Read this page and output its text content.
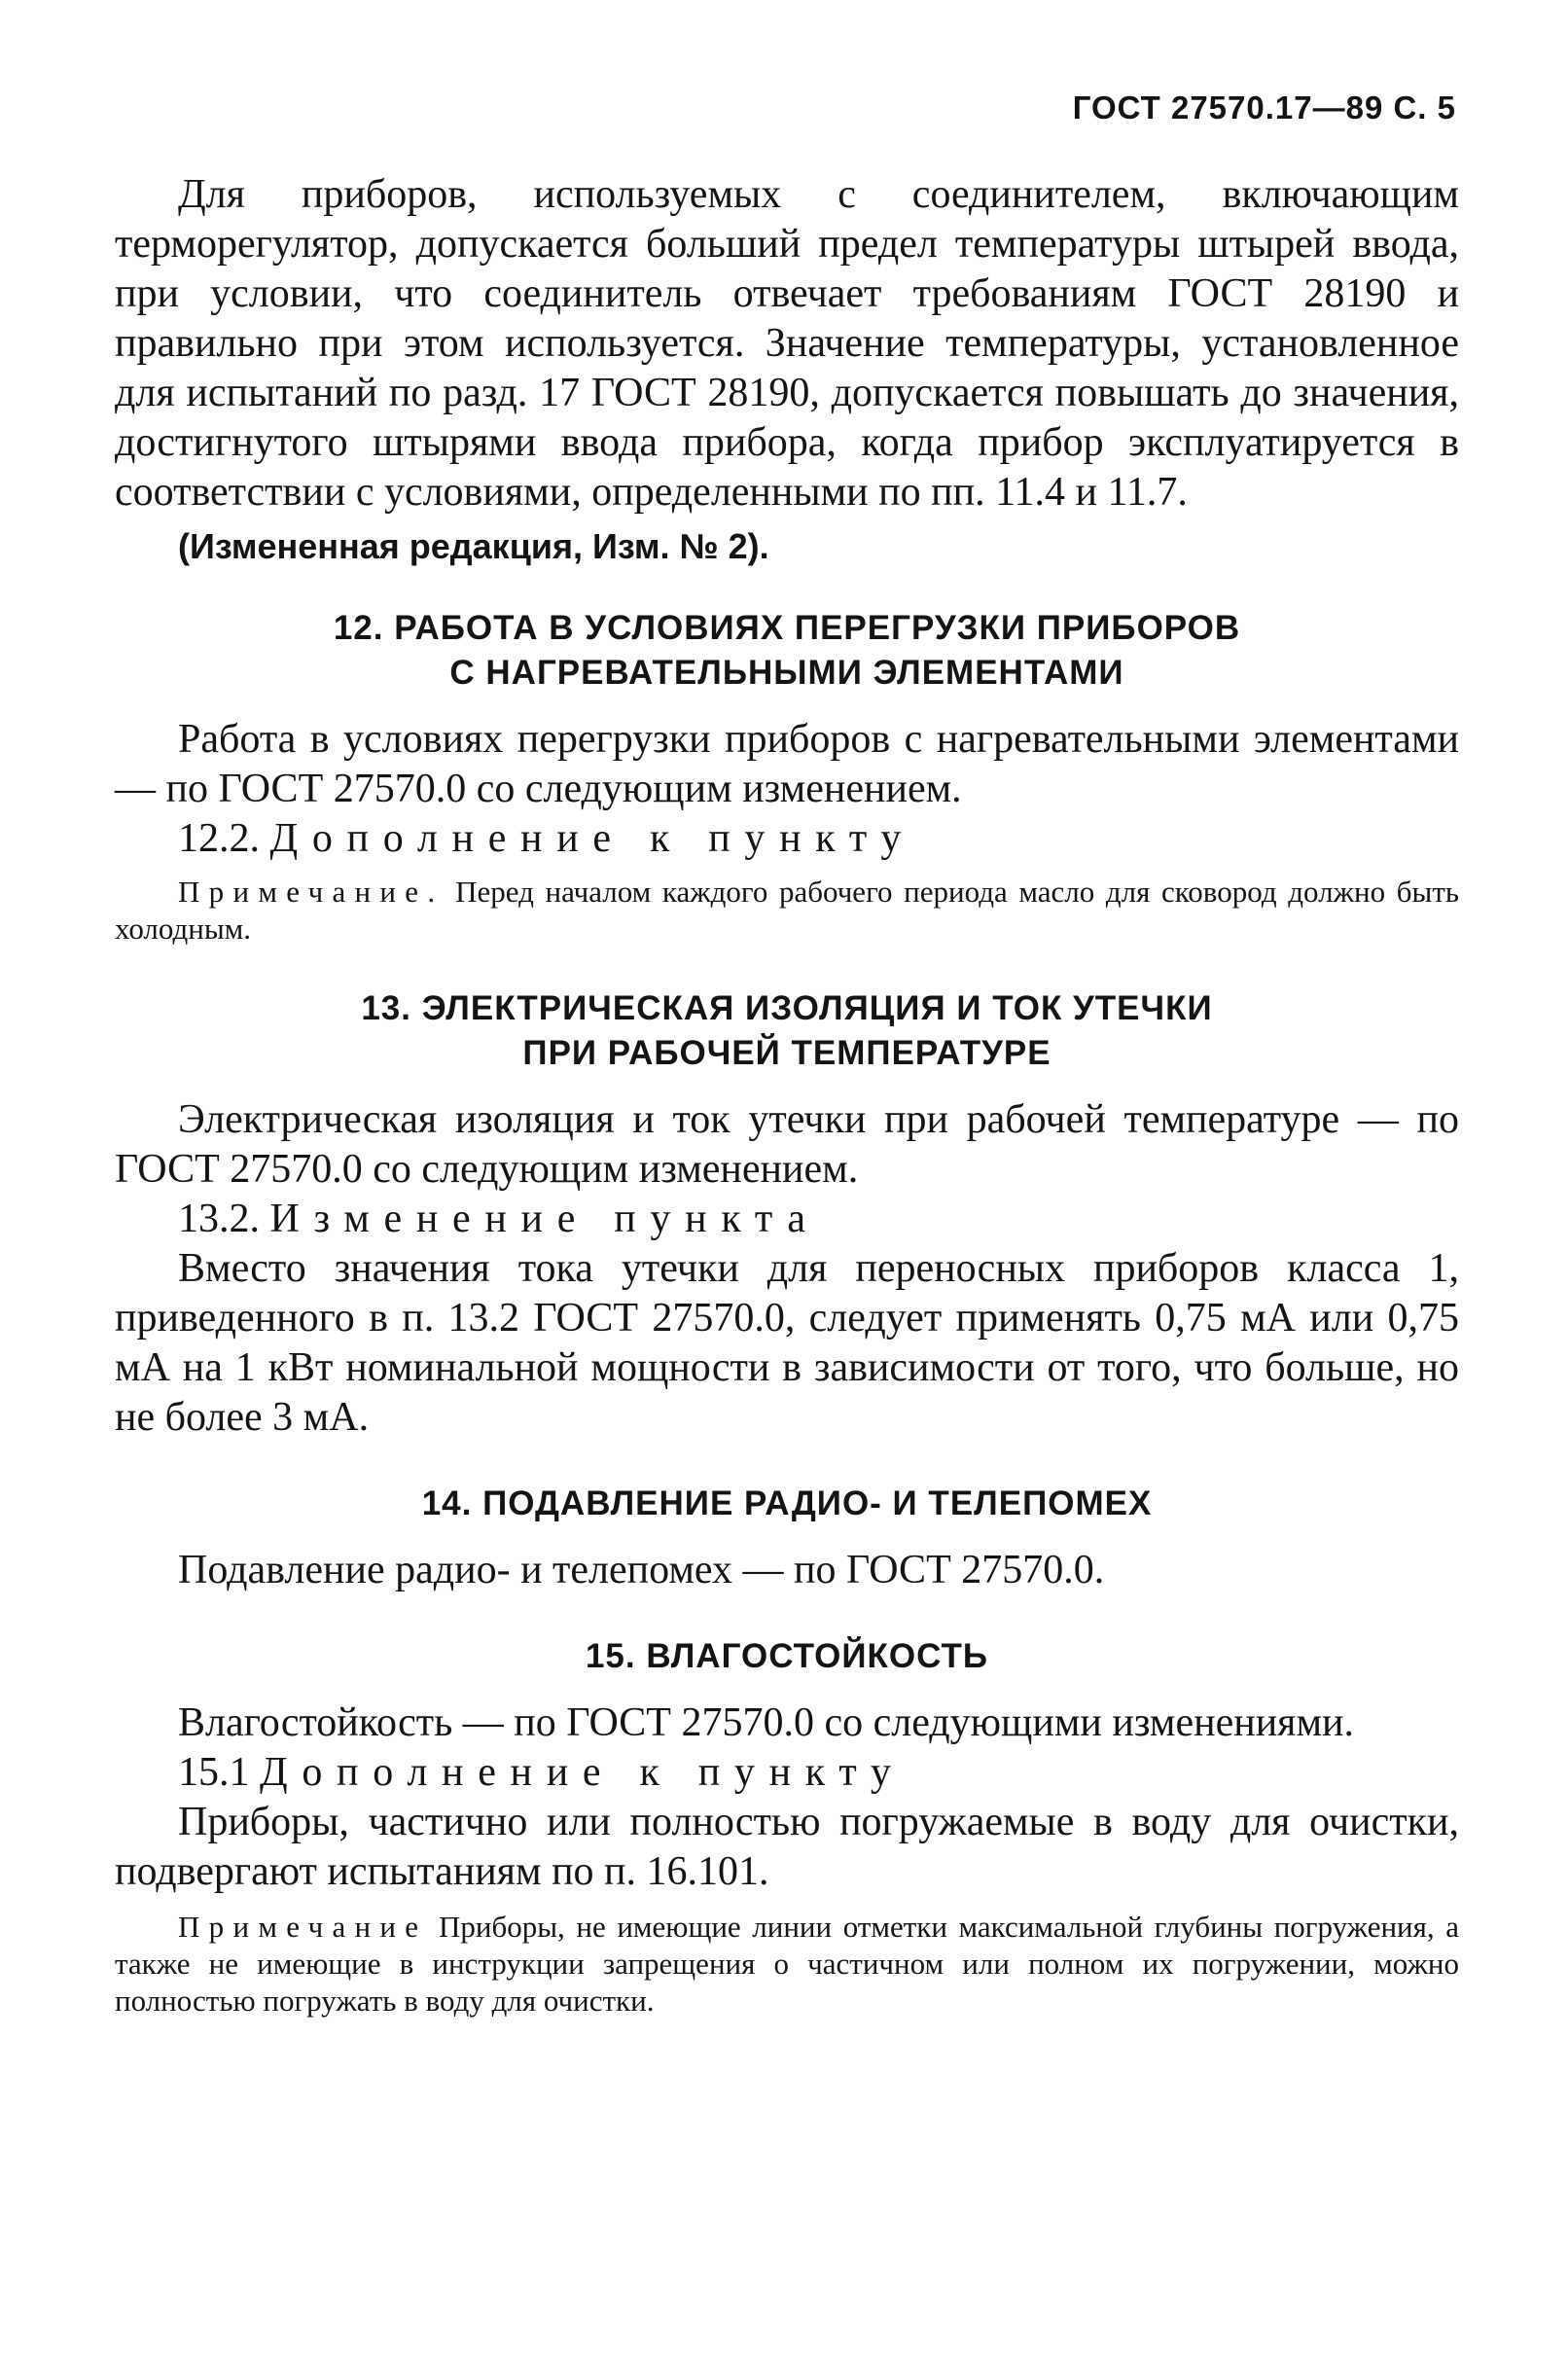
ГОСТ 27570.17—89 С. 5

Для приборов, используемых с соединителем, включающим терморегулятор, допускается больший предел температуры штырей ввода, при условии, что соединитель отвечает требованиям ГОСТ 28190 и правильно при этом используется. Значение температуры, установленное для испытаний по разд. 17 ГОСТ 28190, допускается повышать до значения, достигнутого штырями ввода прибора, когда прибор эксплуатируется в соответствии с условиями, определенными по пп. 11.4 и 11.7.

(Измененная редакция, Изм. № 2).

12. РАБОТА В УСЛОВИЯХ ПЕРЕГРУЗКИ ПРИБОРОВ

С НАГРЕВАТЕЛЬНЫМИ ЭЛЕМЕНТАМИ

Работа в условиях перегрузки приборов с нагревательными элементами — по ГОСТ 27570.0 со следующим изменением.

12.2. Дополнение к пункту

Примечание. Перед началом каждого рабочего периода масло для сковород должно быть холодным.

13. ЭЛЕКТРИЧЕСКАЯ ИЗОЛЯЦИЯ И ТОК УТЕЧКИ

ПРИ РАБОЧЕЙ ТЕМПЕРАТУРЕ

Электрическая изоляция и ток утечки при рабочей температуре — по ГОСТ 27570.0 со следующим изменением.

13.2. Изменение пункта

Вместо значения тока утечки для переносных приборов класса 1, приведенного в п. 13.2 ГОСТ 27570.0, следует применять 0,75 мА или 0,75 мА на 1 кВт номинальной мощности в зависимости от того, что больше, но не более 3 мА.

14. ПОДАВЛЕНИЕ РАДИО- И ТЕЛЕПОМЕХ

Подавление радио- и телепомех — по ГОСТ 27570.0.

15. ВЛАГОСТОЙКОСТЬ

Влагостойкость — по ГОСТ 27570.0 со следующими изменениями.

15.1 Дополнение к пункту

Приборы, частично или полностью погружаемые в воду для очистки, подвергают испытаниям по п. 16.101.

Примечание Приборы, не имеющие линии отметки максимальной глубины погружения, а также не имеющие в инструкции запрещения о частичном или полном их погружении, можно полностью погружать в воду для очистки.
